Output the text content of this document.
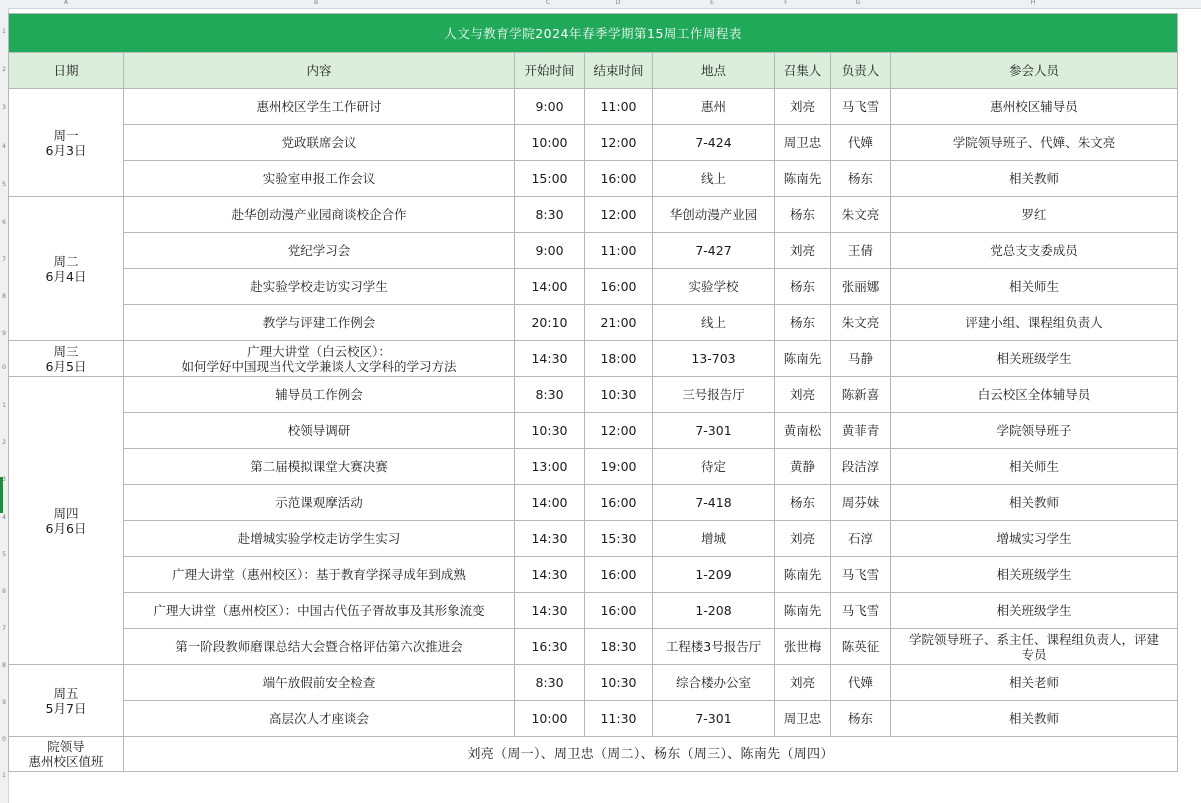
A	B	C	D	E	F	G	H
1
2
3
4
5
6
7
8
9
0
1
2
3
4
5
6
7
8
9
0
1
人文与教育学院2024年春季学期第15周工作周程表							
日期	内容	开始时间	结束时间	地点	召集人	负责人	参会人员
周一
6月3日	惠州校区学生工作研讨	9:00	11:00	惠州	刘亮	马飞雪	惠州校区辅导员
	党政联席会议	10:00	12:00	7-424	周卫忠	代嬅	学院领导班子、代嬅、朱文亮
	实验室申报工作会议	15:00	16:00	线上	陈南先	杨东	相关教师
周二
6月4日	赴华创动漫产业园商谈校企合作	8:30	12:00	华创动漫产业园	杨东	朱文亮	罗红
	党纪学习会	9:00	11:00	7-427	刘亮	王倩	党总支支委成员
	赴实验学校走访实习学生	14:00	16:00	实验学校	杨东	张丽娜	相关师生
	教学与评建工作例会	20:10	21:00	线上	杨东	朱文亮	评建小组、课程组负责人
周三
6月5日	广理大讲堂（白云校区）：
如何学好中国现当代文学兼谈人文学科的学习方法	14:30	18:00	13-703	陈南先	马静	相关班级学生
周四
6月6日	辅导员工作例会	8:30	10:30	三号报告厅	刘亮	陈新喜	白云校区全体辅导员
	校领导调研	10:30	12:00	7-301	黄南松	黄菲青	学院领导班子
	第二届模拟课堂大赛决赛	13:00	19:00	待定	黄静	段洁淳	相关师生
	示范课观摩活动	14:00	16:00	7-418	杨东	周芬妹	相关教师
	赴增城实验学校走访学生实习	14:30	15:30	增城	刘亮	石淳	增城实习学生
	广理大讲堂（惠州校区）：基于教育学探寻成年到成熟	14:30	16:00	1-209	陈南先	马飞雪	相关班级学生
	广理大讲堂（惠州校区）：中国古代伍子胥故事及其形象流变	14:30	16:00	1-208	陈南先	马飞雪	相关班级学生
	第一阶段教师磨课总结大会暨合格评估第六次推进会	16:30	18:30	工程楼3号报告厅	张世梅	陈英征	学院领导班子、系主任、课程组负责人，评建
专员
周五
5月7日	端午放假前安全检查	8:30	10:30	综合楼办公室	刘亮	代嬅	相关老师
	高层次人才座谈会	10:00	11:30	7-301	周卫忠	杨东	相关教师
院领导
惠州校区值班	刘亮（周一）、周卫忠（周二）、杨东（周三）、陈南先（周四）						
